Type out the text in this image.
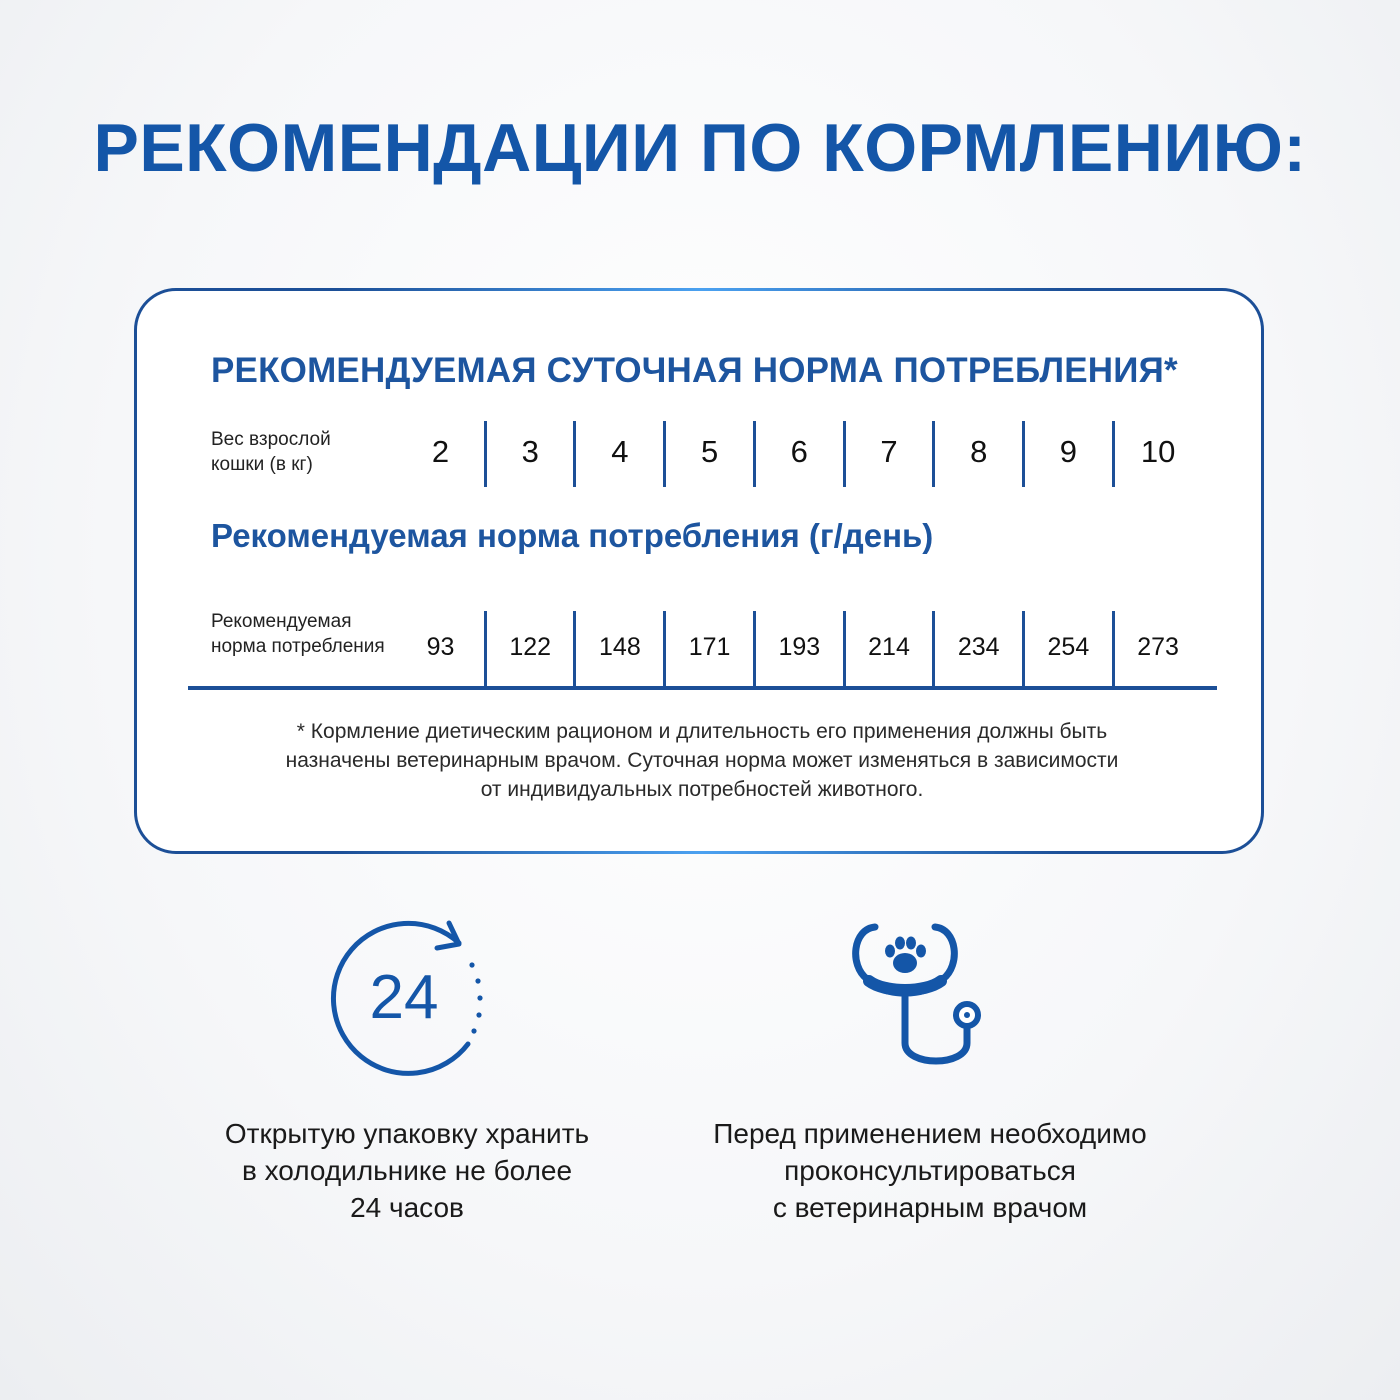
РЕКОМЕНДАЦИИ ПО КОРМЛЕНИЮ:
РЕКОМЕНДУЕМАЯ СУТОЧНАЯ НОРМА ПОТРЕБЛЕНИЯ*
Вес взрослой
кошки (в кг)	2	3	4	5	6	7	8	9	10
Рекомендуемая норма потребления (г/день)
Рекомендуемая
норма потребления	93	122	148	171	193	214	234	254	273
* Кормление диетическим рационом и длительность его применения должны быть
назначены ветеринарным врачом. Суточная норма может изменяться в зависимости
от индивидуальных потребностей животного.
24
Открытую упаковку хранить
в холодильнике не более
24 часов
Перед применением необходимо
проконсультироваться
с ветеринарным врачом
